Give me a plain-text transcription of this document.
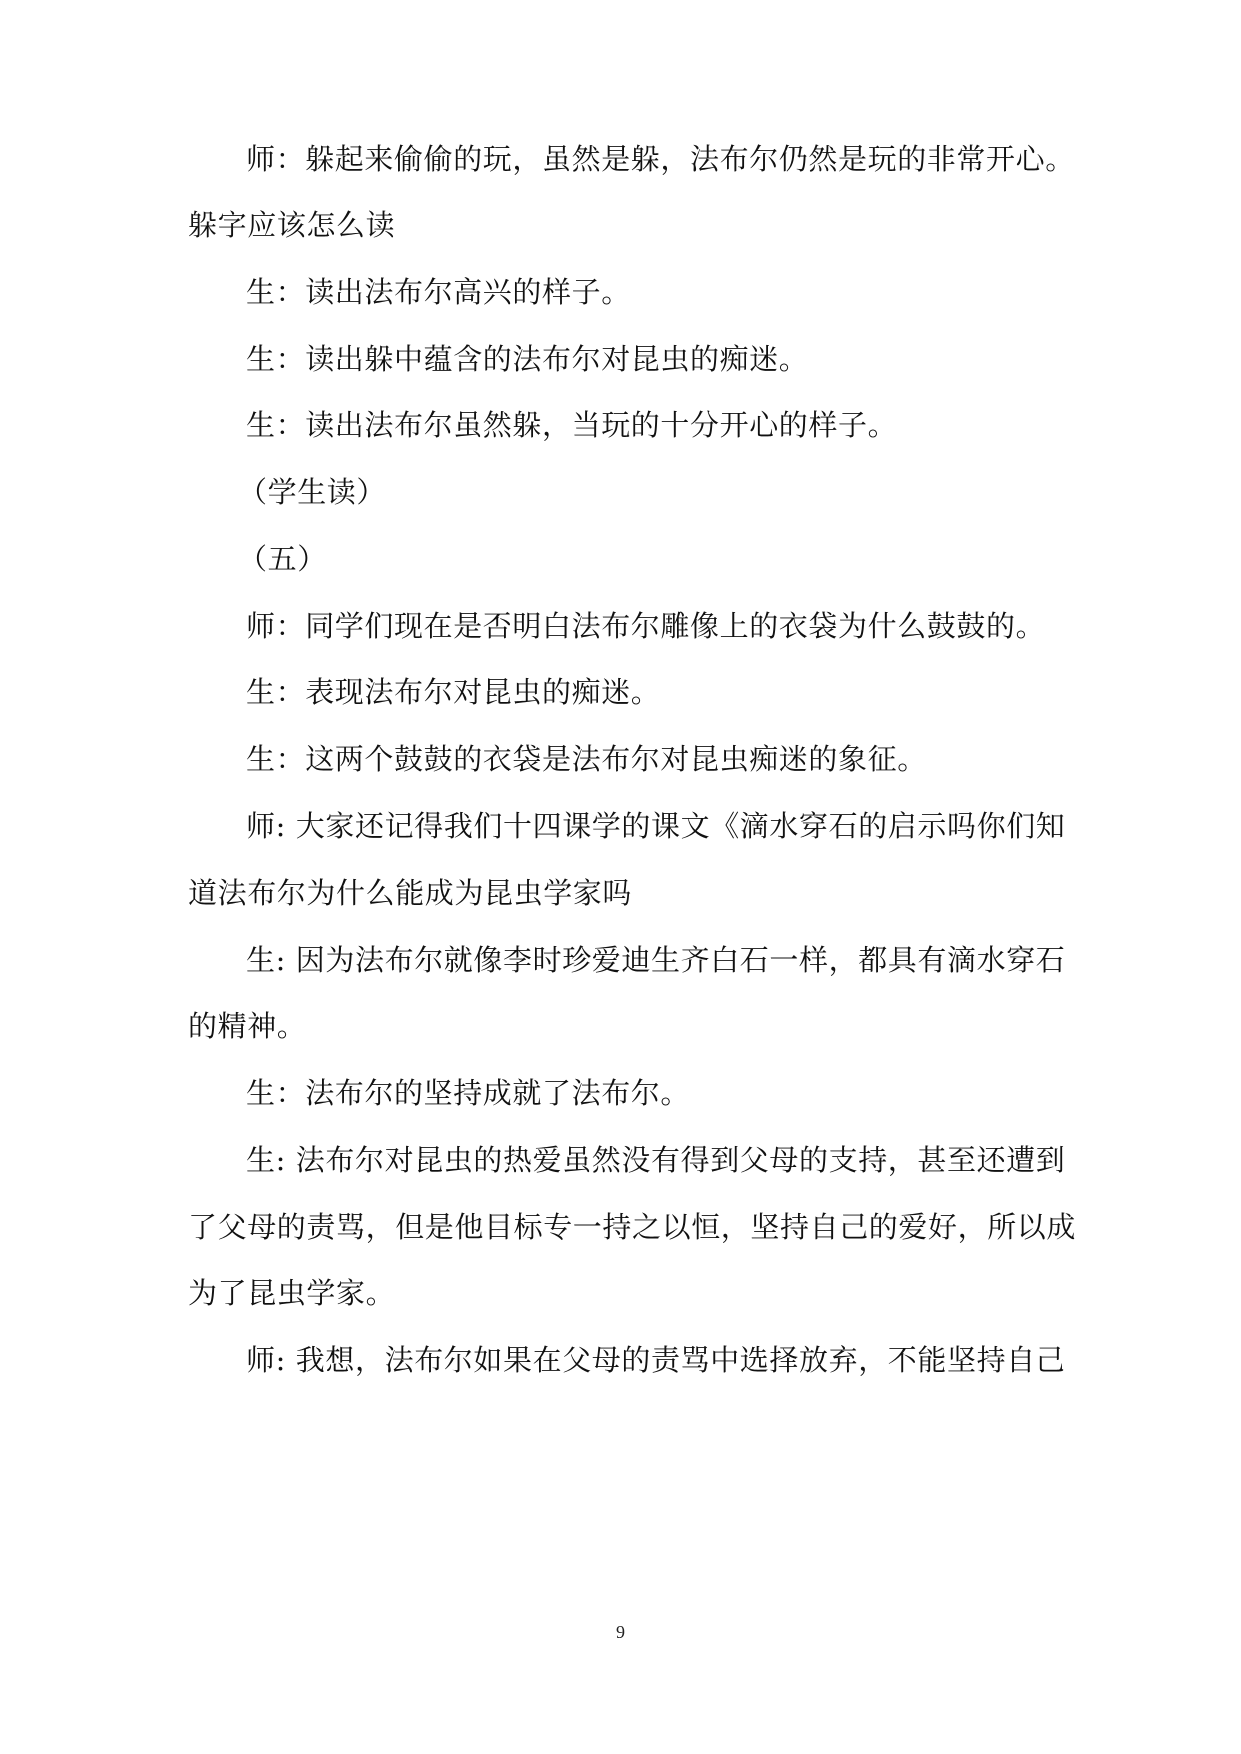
师：躲起来偷偷的玩，虽然是躲，法布尔仍然是玩的非常开心。
躲字应该怎么读
生：读出法布尔高兴的样子。
生：读出躲中蕴含的法布尔对昆虫的痴迷。
生：读出法布尔虽然躲，当玩的十分开心的样子。
（学生读）
（五）
师：同学们现在是否明白法布尔雕像上的衣袋为什么鼓鼓的。
生：表现法布尔对昆虫的痴迷。
生：这两个鼓鼓的衣袋是法布尔对昆虫痴迷的象征。
师: 大家还记得我们十四课学的课文《滴水穿石的启示吗你们知
道法布尔为什么能成为昆虫学家吗
生: 因为法布尔就像李时珍爱迪生齐白石一样，都具有滴水穿石
的精神。
生：法布尔的坚持成就了法布尔。
生: 法布尔对昆虫的热爱虽然没有得到父母的支持，甚至还遭到
了父母的责骂，但是他目标专一持之以恒，坚持自己的爱好，所以成
为了昆虫学家。
师: 我想，法布尔如果在父母的责骂中选择放弃，不能坚持自己
9
